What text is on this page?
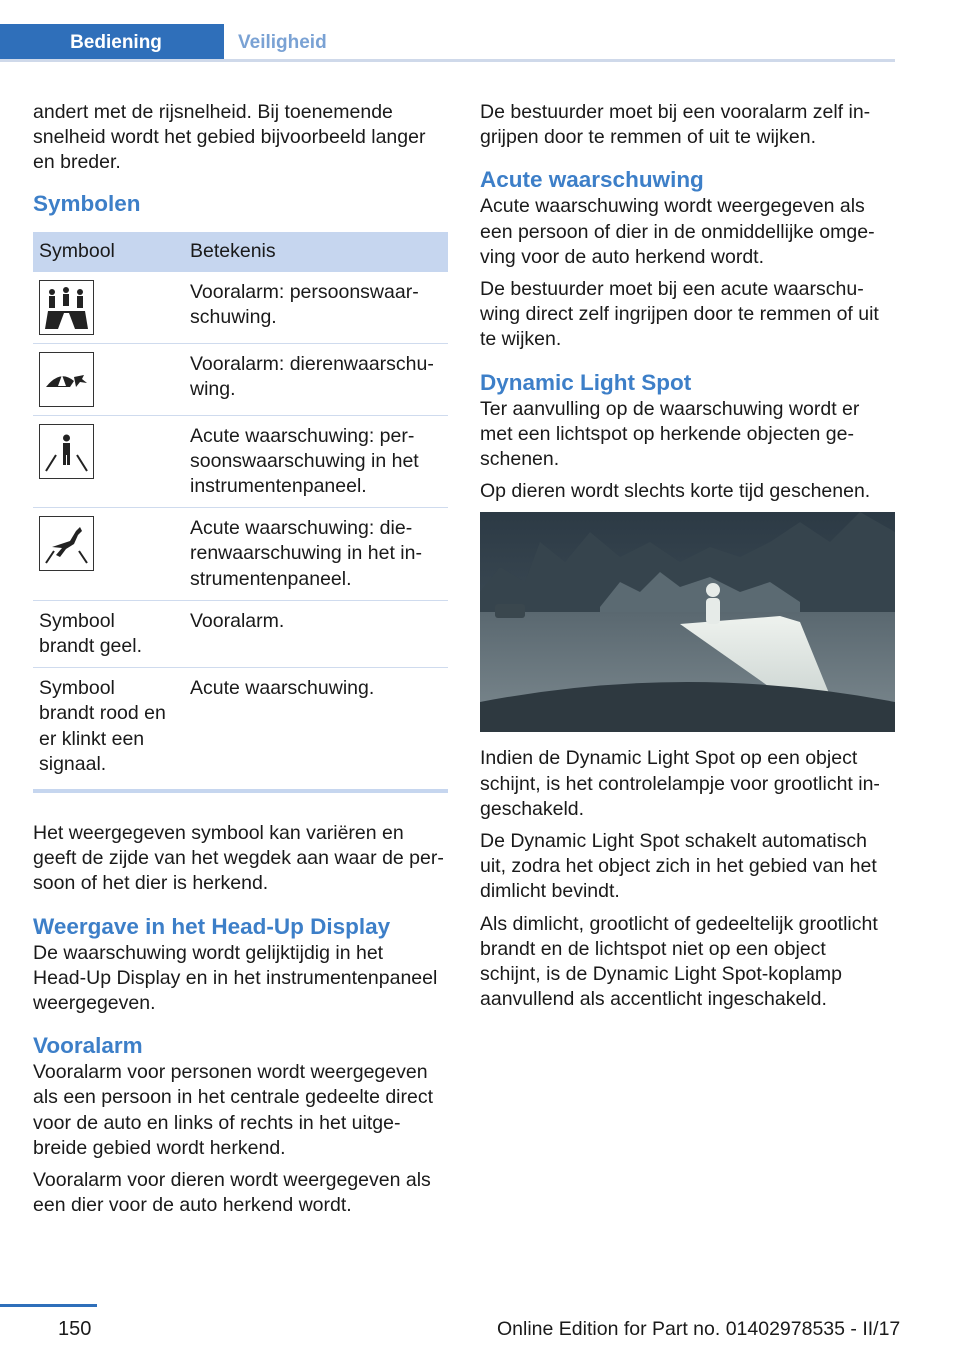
Bediening	Veiligheid

andert met de rijsnelheid. Bij toenemende
snelheid wordt het gebied bijvoorbeeld langer
en breder.

Symbolen
Symbool	Betekenis

Vooralarm: persoonswaar-
schuwing.

Vooralarm: dierenwaarschu-
wing.

Acute waarschuwing: per-
soonswaarschuwing in het
instrumentenpaneel.

Acute waarschuwing: die-
renwaarschuwing in het in-
strumentenpaneel.

Symbool
brandt geel.	Vooralarm.

Symbool
brandt rood en
er klinkt een
signaal.	Acute waarschuwing.

Het weergegeven symbool kan variëren en
geeft de zijde van het wegdek aan waar de per-
soon of het dier is herkend.

Weergave in het Head-Up Display

De waarschuwing wordt gelijktijdig in het
Head-Up Display en in het instrumentenpaneel
weergegeven.

Vooralarm

Vooralarm voor personen wordt weergegeven
als een persoon in het centrale gedeelte direct
voor de auto en links of rechts in het uitge-
breide gebied wordt herkend.

Vooralarm voor dieren wordt weergegeven als
een dier voor de auto herkend wordt.

De bestuurder moet bij een vooralarm zelf in-
grijpen door te remmen of uit te wijken.

Acute waarschuwing

Acute waarschuwing wordt weergegeven als
een persoon of dier in de onmiddellijke omge-
ving voor de auto herkend wordt.

De bestuurder moet bij een acute waarschu-
wing direct zelf ingrijpen door te remmen of uit
te wijken.

Dynamic Light Spot

Ter aanvulling op de waarschuwing wordt er
met een lichtspot op herkende objecten ge-
schenen.

Op dieren wordt slechts korte tijd geschenen.

Indien de Dynamic Light Spot op een object
schijnt, is het controlelampje voor grootlicht in-
geschakeld.

De Dynamic Light Spot schakelt automatisch
uit, zodra het object zich in het gebied van het
dimlicht bevindt.

Als dimlicht, grootlicht of gedeeltelijk grootlicht
brandt en de lichtspot niet op een object
schijnt, is de Dynamic Light Spot-koplamp
aanvullend als accentlicht ingeschakeld.

150	Online Edition for Part no. 01402978535 - II/17
